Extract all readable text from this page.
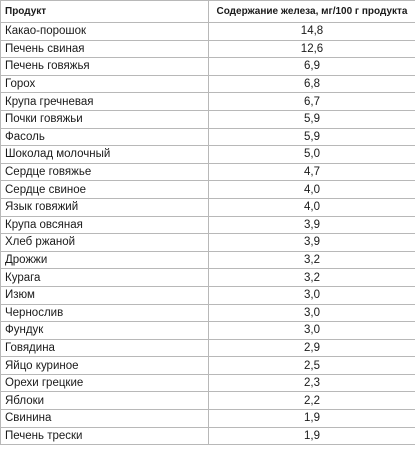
Продукт	Содержание железа, мг/100 г продукта
Какао-порошок	14,8
Печень свиная	12,6
Печень говяжья	6,9
Горох	6,8
Крупа гречневая	6,7
Почки говяжьи	5,9
Фасоль	5,9
Шоколад молочный	5,0
Сердце говяжье	4,7
Сердце свиное	4,0
Язык говяжий	4,0
Крупа овсяная	3,9
Хлеб ржаной	3,9
Дрожжи	3,2
Курага	3,2
Изюм	3,0
Чернослив	3,0
Фундук	3,0
Говядина	2,9
Яйцо куриное	2,5
Орехи грецкие	2,3
Яблоки	2,2
Свинина	1,9
Печень трески	1,9
